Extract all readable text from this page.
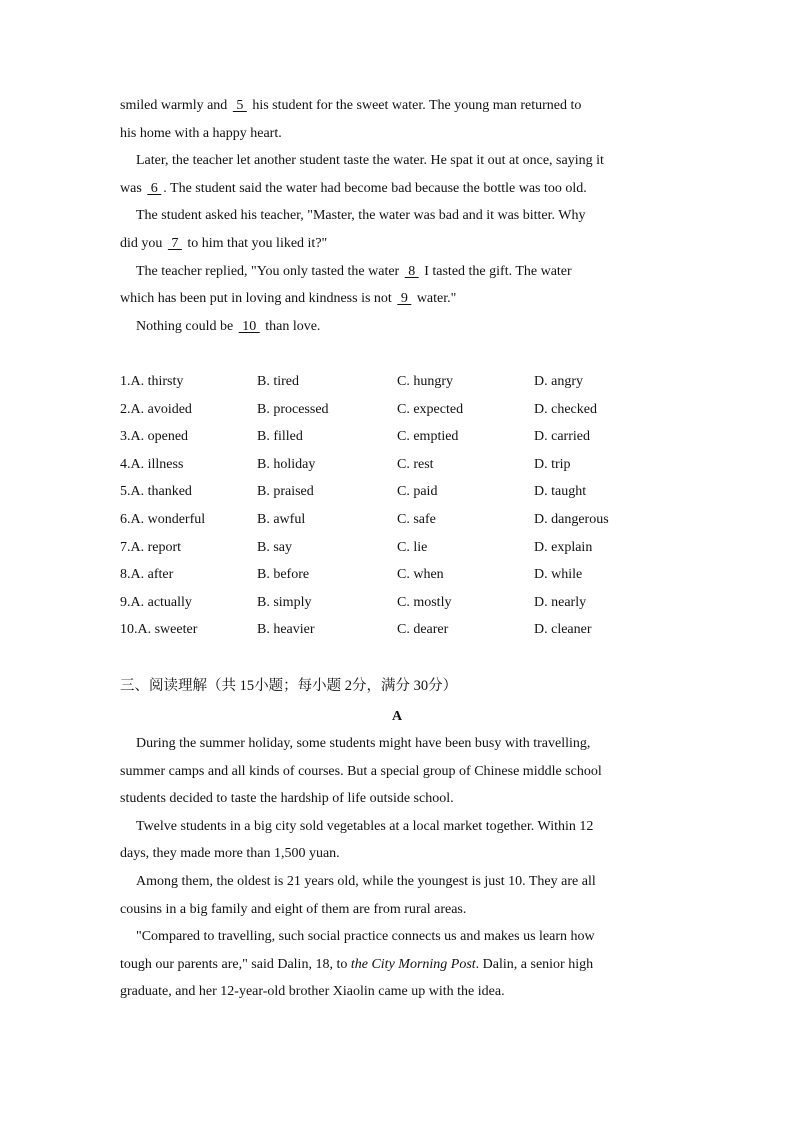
smiled warmly and  5  his student for the sweet water. The young man returned to
his home with a happy heart.
Later, the teacher let another student taste the water. He spat it out at once, saying it
was  6 . The student said the water had become bad because the bottle was too old.
The student asked his teacher, "Master, the water was bad and it was bitter. Why
did you  7  to him that you liked it?"
The teacher replied, "You only tasted the water  8  I tasted the gift. The water
which has been put in loving and kindness is not  9  water."
Nothing could be  10  than love.
1.A. thirsty	B. tired	C. hungry	D. angry
2.A. avoided	B. processed	C. expected	D. checked
3.A. opened	B. filled	C. emptied	D. carried
4.A. illness	B. holiday	C. rest	D. trip
5.A. thanked	B. praised	C. paid	D. taught
6.A. wonderful	B. awful	C. safe	D. dangerous
7.A. report	B. say	C. lie	D. explain
8.A. after	B. before	C. when	D. while
9.A. actually	B. simply	C. mostly	D. nearly
10.A. sweeter	B. heavier	C. dearer	D. cleaner
三、阅读理解（共 15小题；每小题 2分，满分 30分）
A
During the summer holiday, some students might have been busy with travelling,
summer camps and all kinds of courses. But a special group of Chinese middle school
students decided to taste the hardship of life outside school.
Twelve students in a big city sold vegetables at a local market together. Within 12
days, they made more than 1,500 yuan.
Among them, the oldest is 21 years old, while the youngest is just 10. They are all
cousins in a big family and eight of them are from rural areas.
"Compared to travelling, such social practice connects us and makes us learn how
tough our parents are," said Dalin, 18, to the City Morning Post. Dalin, a senior high
graduate, and her 12-year-old brother Xiaolin came up with the idea.
